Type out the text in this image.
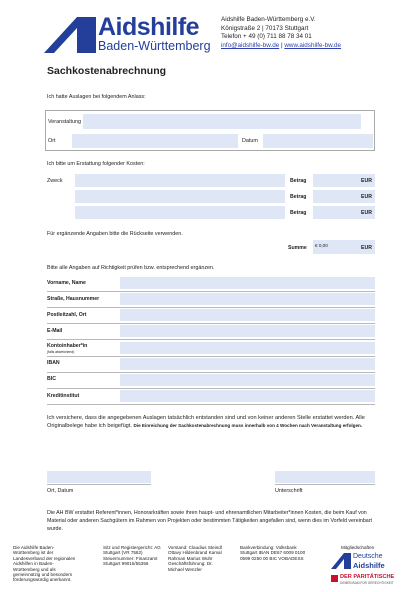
Aidshilfe
Baden-Württemberg
Aidshilfe Baden-Württemberg e.V.
Königstraße 2 | 70173 Stuttgart
Telefon + 49 (0) 711 88 78 34 01
info@aidshilfe-bw.de | www.aidshilfe-bw.de
Sachkostenabrechnung
Ich hatte Auslagen bei folgendem Anlass:
Veranstaltung
Ort	Datum
Ich bitte um Erstattung folgender Kosten:
Zweck	Betrag	EUR
Betrag	EUR
Betrag	EUR
Für ergänzende Angaben bitte die Rückseite verwenden.
Summe € 0,00	EUR
Bitte alle Angaben auf Richtigkeit prüfen bzw. entsprechend ergänzen.
Vorname, Name
Straße, Hausnummer
Postleitzahl, Ort
E-Mail
Kontoinhaber*in
(falls abweichend)
IBAN
BIC
Kreditinstitut
Ich versichere, dass die angegebenen Auslagen tatsächlich entstanden sind und von keiner anderen Stelle erstattet werden. Alle Originalbelege habe ich beigefügt. Die Einreichung der Sachkostenabrechnung muss innerhalb von 4 Wochen nach Veranstaltung erfolgen.
Ort, Datum	Unterschrift
Die AH BW erstattet Referent*innen, Honorarkräften sowie ihren haupt- und ehrenamtlichen Mitarbeiter*innen Kosten, die beim Kauf von Material oder anderen Sachgütern im Rahmen von Projekten oder bestimmten Tätigkeiten angefallen sind, wenn dies im Vorfeld vereinbart wurde.
Die Aidshilfe Baden-Württemberg ist der Landesverband der regionalen Aidshilfen in Baden-Württemberg und als gemeinnützig und besonders förderungswürdig anerkannt.
Sitz und Registergericht: AG Stuttgart (VR 7582) Steuernummer: Finanzamt Stuttgart 99015/55356
Vorstand: Claudius Steindl Ottavy Hildenbrand Kamal Rahman Marius Wuhr Geschäftsführung: Dr. Michael Wenzler
Bankverbindung: Volksbank Stuttgart IBAN DE67 6009 0100 0599 0250 00 BIC VOBADESS
Mitgliedschaften
Deutsche
Aidshilfe
DER PARITÄTISCHE
GEMEINSAM FÜR GERECHTIGKEIT
